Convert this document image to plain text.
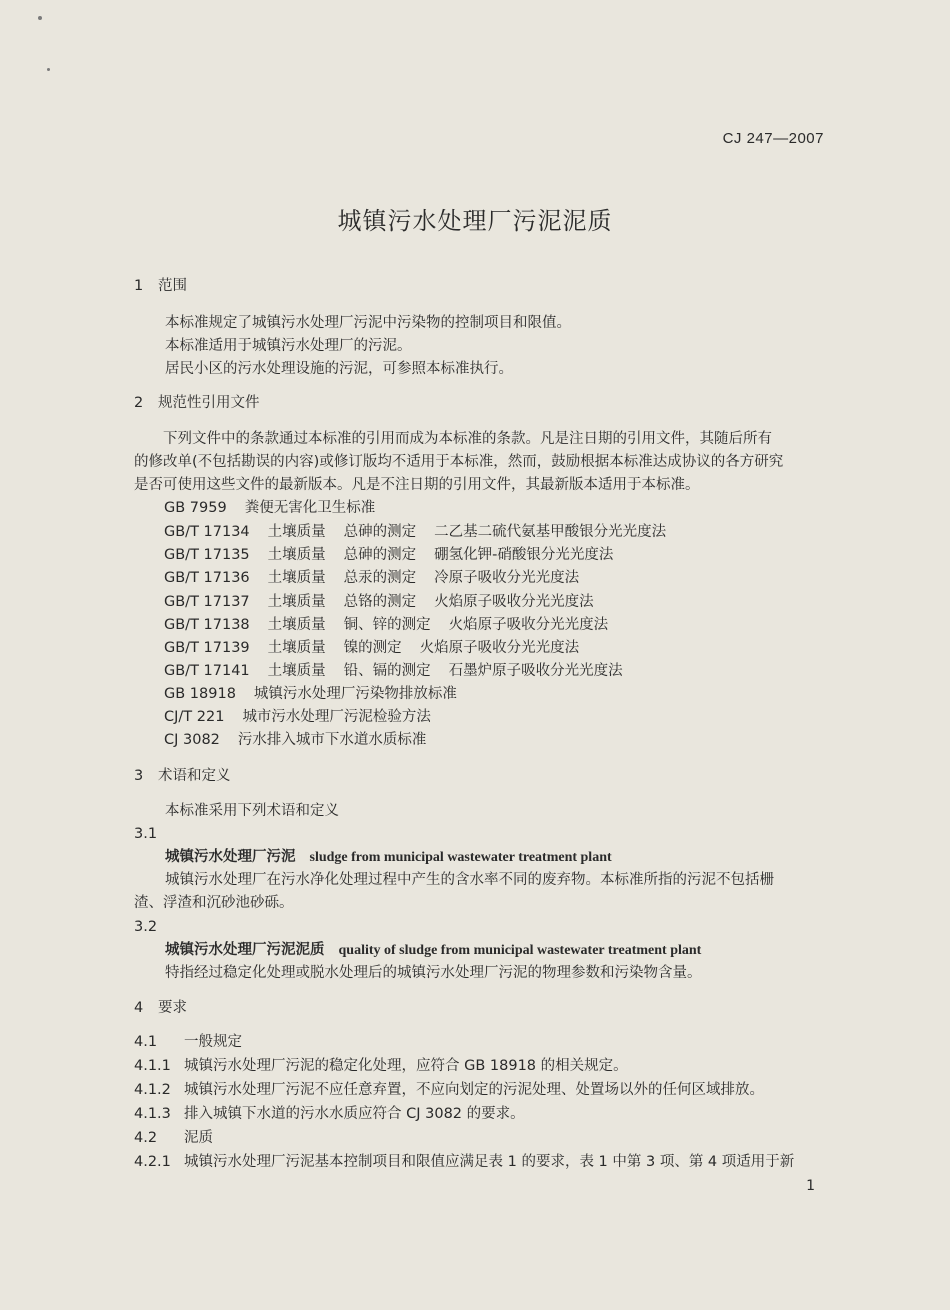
CJ 247—2007
城镇污水处理厂污泥泥质
1 范围
本标准规定了城镇污水处理厂污泥中污染物的控制项目和限值。
本标准适用于城镇污水处理厂的污泥。
居民小区的污水处理设施的污泥，可参照本标准执行。
2 规范性引用文件
下列文件中的条款通过本标准的引用而成为本标准的条款。凡是注日期的引用文件，其随后所有
的修改单(不包括勘误的内容)或修订版均不适用于本标准，然而，鼓励根据本标准达成协议的各方研究
是否可使用这些文件的最新版本。凡是不注日期的引用文件，其最新版本适用于本标准。
GB 7959 粪便无害化卫生标准
GB/T 17134 土壤质量 总砷的测定 二乙基二硫代氨基甲酸银分光光度法
GB/T 17135 土壤质量 总砷的测定 硼氢化钾-硝酸银分光光度法
GB/T 17136 土壤质量 总汞的测定 冷原子吸收分光光度法
GB/T 17137 土壤质量 总铬的测定 火焰原子吸收分光光度法
GB/T 17138 土壤质量 铜、锌的测定 火焰原子吸收分光光度法
GB/T 17139 土壤质量 镍的测定 火焰原子吸收分光光度法
GB/T 17141 土壤质量 铅、镉的测定 石墨炉原子吸收分光光度法
GB 18918 城镇污水处理厂污染物排放标准
CJ/T 221 城市污水处理厂污泥检验方法
CJ 3082 污水排入城市下水道水质标准
3 术语和定义
本标准采用下列术语和定义
3.1
城镇污水处理厂污泥 sludge from municipal wastewater treatment plant
城镇污水处理厂在污水净化处理过程中产生的含水率不同的废弃物。本标准所指的污泥不包括栅
渣、浮渣和沉砂池砂砾。
3.2
城镇污水处理厂污泥泥质 quality of sludge from municipal wastewater treatment plant
特指经过稳定化处理或脱水处理后的城镇污水处理厂污泥的物理参数和污染物含量。
4 要求
4.1 一般规定
4.1.1 城镇污水处理厂污泥的稳定化处理，应符合 GB 18918 的相关规定。
4.1.2 城镇污水处理厂污泥不应任意弃置，不应向划定的污泥处理、处置场以外的任何区域排放。
4.1.3 排入城镇下水道的污水水质应符合 CJ 3082 的要求。
4.2 泥质
4.2.1 城镇污水处理厂污泥基本控制项目和限值应满足表 1 的要求，表 1 中第 3 项、第 4 项适用于新
1
